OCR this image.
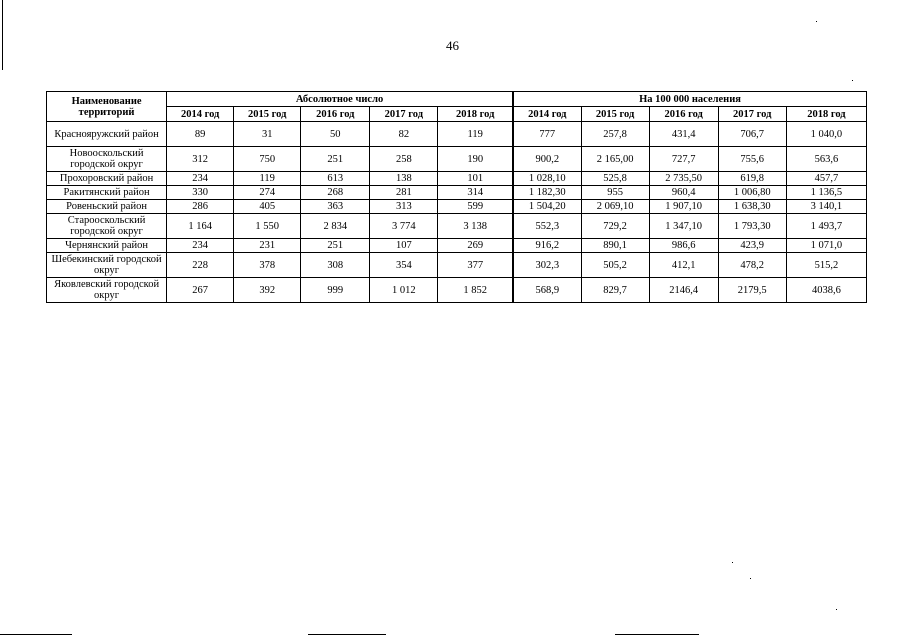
46
Наименование территорий	Абсолютное число					На 100 000 населения				
	2014 год	2015 год	2016 год	2017 год	2018 год	2014 год	2015 год	2016 год	2017 год	2018 год
Краснояружский район	89	31	50	82	119	777	257,8	431,4	706,7	1 040,0
Новооскольский городской округ	312	750	251	258	190	900,2	2 165,00	727,7	755,6	563,6
Прохоровский район	234	119	613	138	101	1 028,10	525,8	2 735,50	619,8	457,7
Ракитянский район	330	274	268	281	314	1 182,30	955	960,4	1 006,80	1 136,5
Ровеньский район	286	405	363	313	599	1 504,20	2 069,10	1 907,10	1 638,30	3 140,1
Старооскольский городской округ	1 164	1 550	2 834	3 774	3 138	552,3	729,2	1 347,10	1 793,30	1 493,7
Чернянский район	234	231	251	107	269	916,2	890,1	986,6	423,9	1 071,0
Шебекинский городской округ	228	378	308	354	377	302,3	505,2	412,1	478,2	515,2
Яковлевский городской округ	267	392	999	1 012	1 852	568,9	829,7	2146,4	2179,5	4038,6
